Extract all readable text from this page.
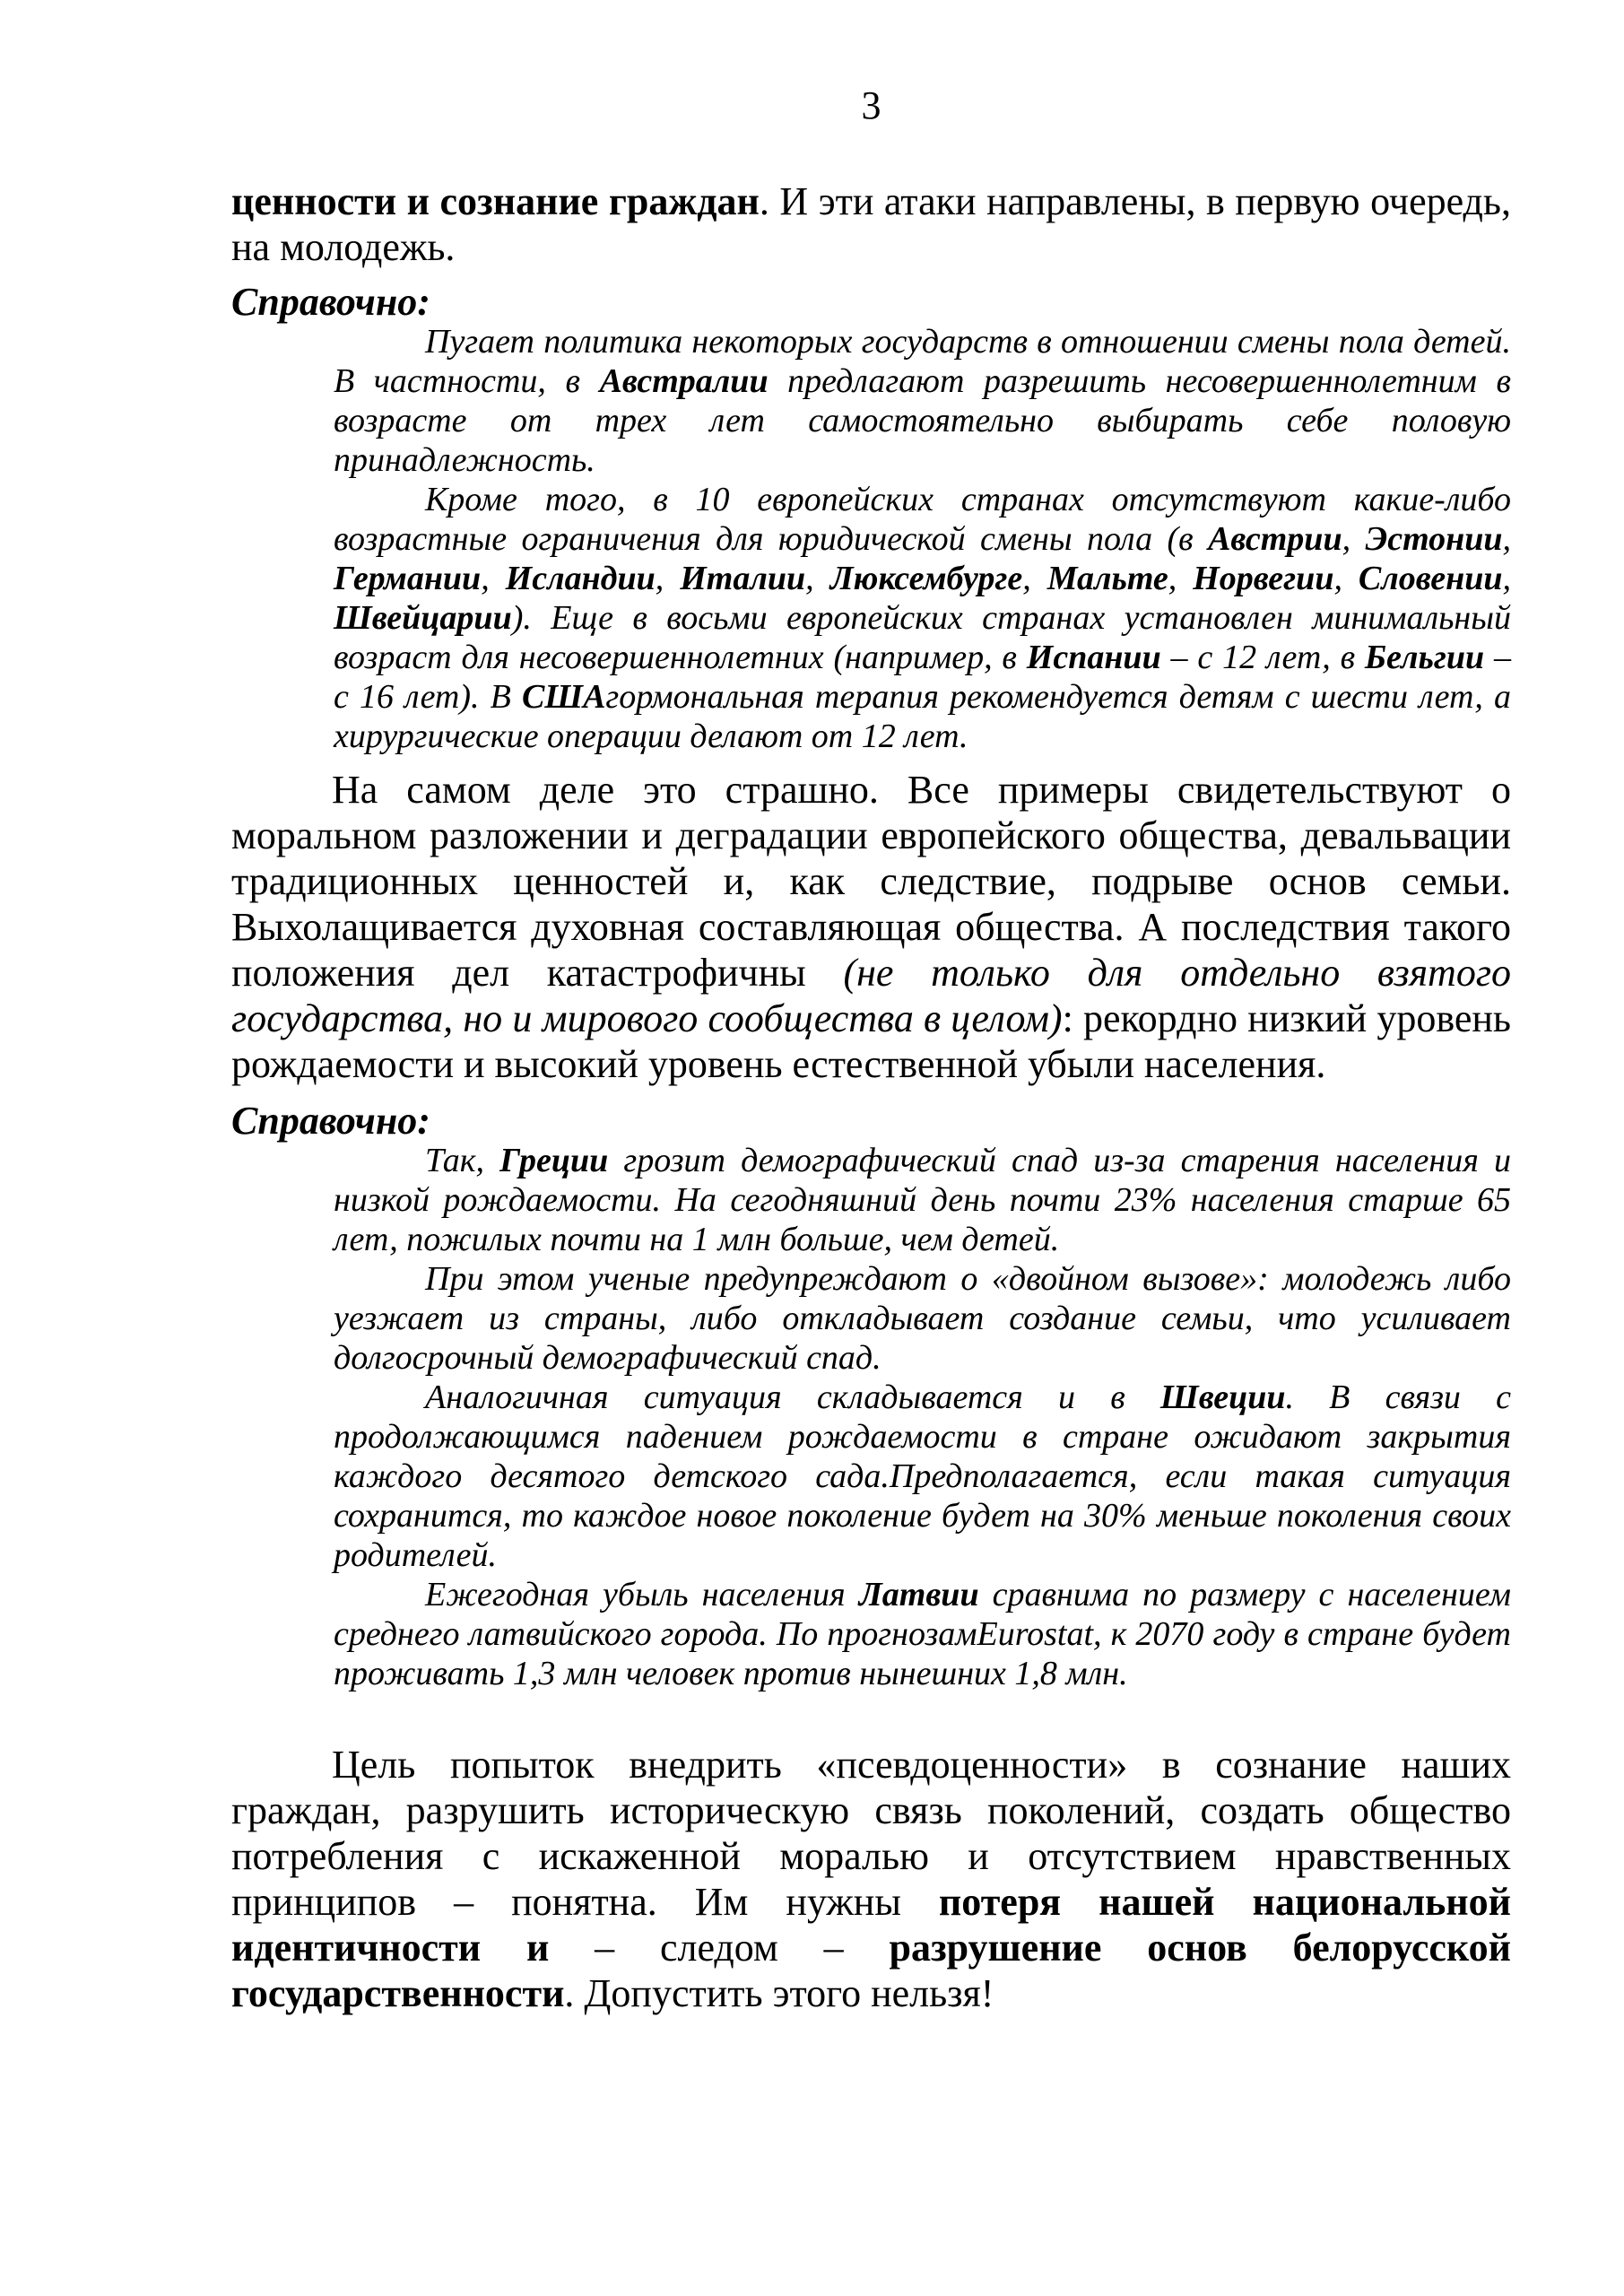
3

ценности и сознание граждан. И эти атаки направлены, в первую очередь, на молодежь.

Справочно:

Пугает политика некоторых государств в отношении смены пола детей. В частности, в Австралии предлагают разрешить несовершеннолетним в возрасте от трех лет самостоятельно выбирать себе половую принадлежность.

Кроме того, в 10 европейских странах отсутствуют какие-либо возрастные ограничения для юридической смены пола (в Австрии, Эстонии, Германии, Исландии, Италии, Люксембурге, Мальте, Норвегии, Словении, Швейцарии). Еще в восьми европейских странах установлен минимальный возраст для несовершеннолетних (например, в Испании – с 12 лет, в Бельгии – с 16 лет). В СШАгормональная терапия рекомендуется детям с шести лет, а хирургические операции делают от 12 лет.

На самом деле это страшно. Все примеры свидетельствуют о моральном разложении и деградации европейского общества, девальвации традиционных ценностей и, как следствие, подрыве основ семьи. Выхолащивается духовная составляющая общества. А последствия такого положения дел катастрофичны (не только для отдельно взятого государства, но и мирового сообщества в целом): рекордно низкий уровень рождаемости и высокий уровень естественной убыли населения.

Справочно:

Так, Греции грозит демографический спад из-за старения населения и низкой рождаемости. На сегодняшний день почти 23% населения старше 65 лет, пожилых почти на 1 млн больше, чем детей.

При этом ученые предупреждают о «двойном вызове»: молодежь либо уезжает из страны, либо откладывает создание семьи, что усиливает долгосрочный демографический спад.

Аналогичная ситуация складывается и в Швеции. В связи с продолжающимся падением рождаемости в стране ожидают закрытия каждого десятого детского сада.Предполагается, если такая ситуация сохранится, то каждое новое поколение будет на 30% меньше поколения своих родителей.

Ежегодная убыль населения Латвии сравнима по размеру с населением среднего латвийского города. По прогнозамEurostat, к 2070 году в стране будет проживать 1,3 млн человек против нынешних 1,8 млн.

Цель попыток внедрить «псевдоценности» в сознание наших граждан, разрушить историческую связь поколений, создать общество потребления с искаженной моралью и отсутствием нравственных принципов – понятна. Им нужны потеря нашей национальной идентичности и – следом – разрушение основ белорусской государственности. Допустить этого нельзя!
